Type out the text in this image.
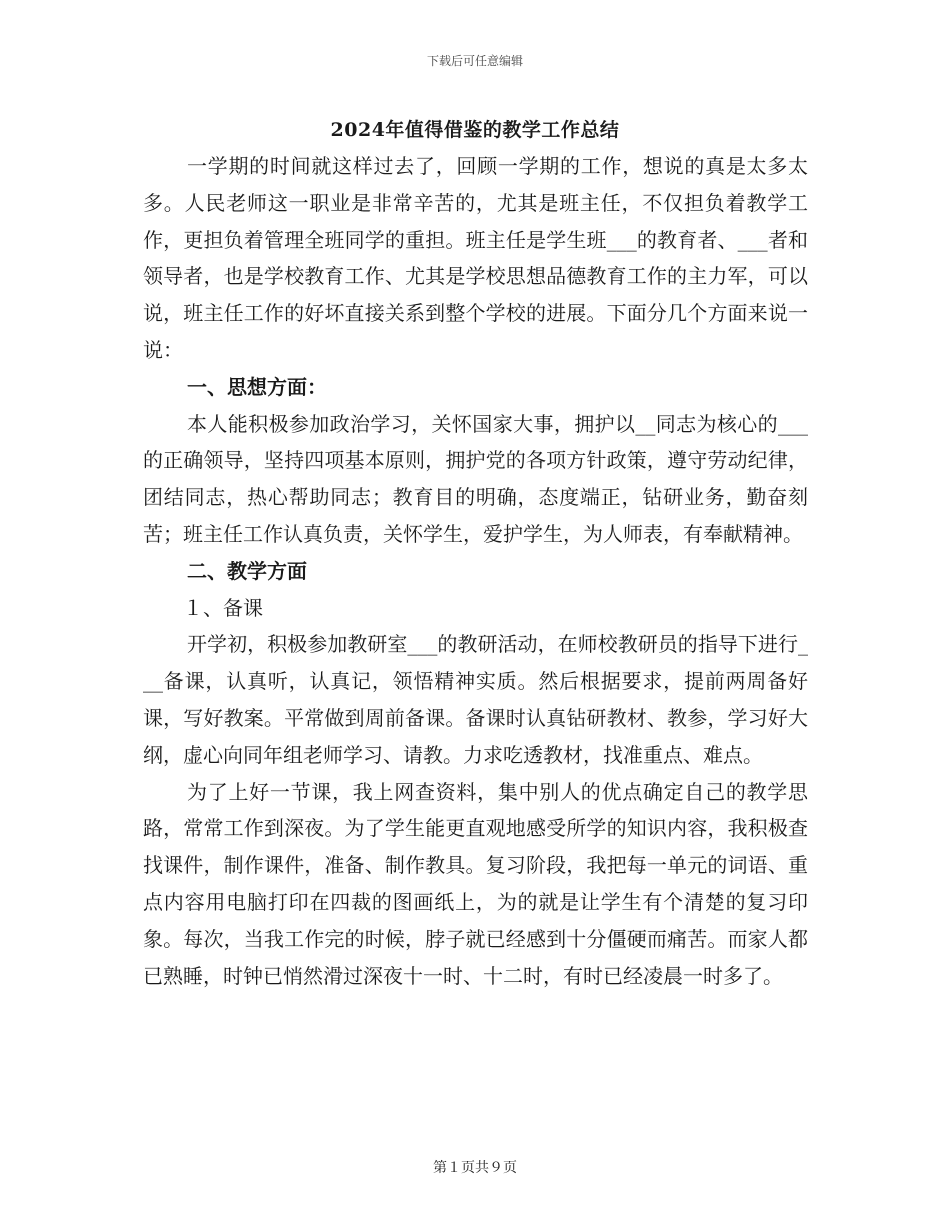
下载后可任意编辑
2024年值得借鉴的教学工作总结

一学期的时间就这样过去了，回顾一学期的工作，想说的真是太多太多。人民老师这一职业是非常辛苦的，尤其是班主任，不仅担负着教学工作，更担负着管理全班同学的重担。班主任是学生班___的教育者、___者和领导者，也是学校教育工作、尤其是学校思想品德教育工作的主力军，可以说，班主任工作的好坏直接关系到整个学校的进展。下面分几个方面来说一说：

一、思想方面：

本人能积极参加政治学习，关怀国家大事，拥护以__同志为核心的___的正确领导，坚持四项基本原则，拥护党的各项方针政策，遵守劳动纪律，团结同志，热心帮助同志；教育目的明确，态度端正，钻研业务，勤奋刻苦；班主任工作认真负责，关怀学生，爱护学生，为人师表，有奉献精神。

二、教学方面

１、备课

开学初，积极参加教研室___的教研活动，在师校教研员的指导下进行___备课，认真听，认真记，领悟精神实质。然后根据要求，提前两周备好课，写好教案。平常做到周前备课。备课时认真钻研教材、教参，学习好大纲，虚心向同年组老师学习、请教。力求吃透教材，找准重点、难点。

为了上好一节课，我上网查资料，集中别人的优点确定自己的教学思路，常常工作到深夜。为了学生能更直观地感受所学的知识内容，我积极查找课件，制作课件，准备、制作教具。复习阶段，我把每一单元的词语、重点内容用电脑打印在四裁的图画纸上，为的就是让学生有个清楚的复习印象。每次，当我工作完的时候，脖子就已经感到十分僵硬而痛苦。而家人都已熟睡，时钟已悄然滑过深夜十一时、十二时，有时已经凌晨一时多了。

第１页共９页
